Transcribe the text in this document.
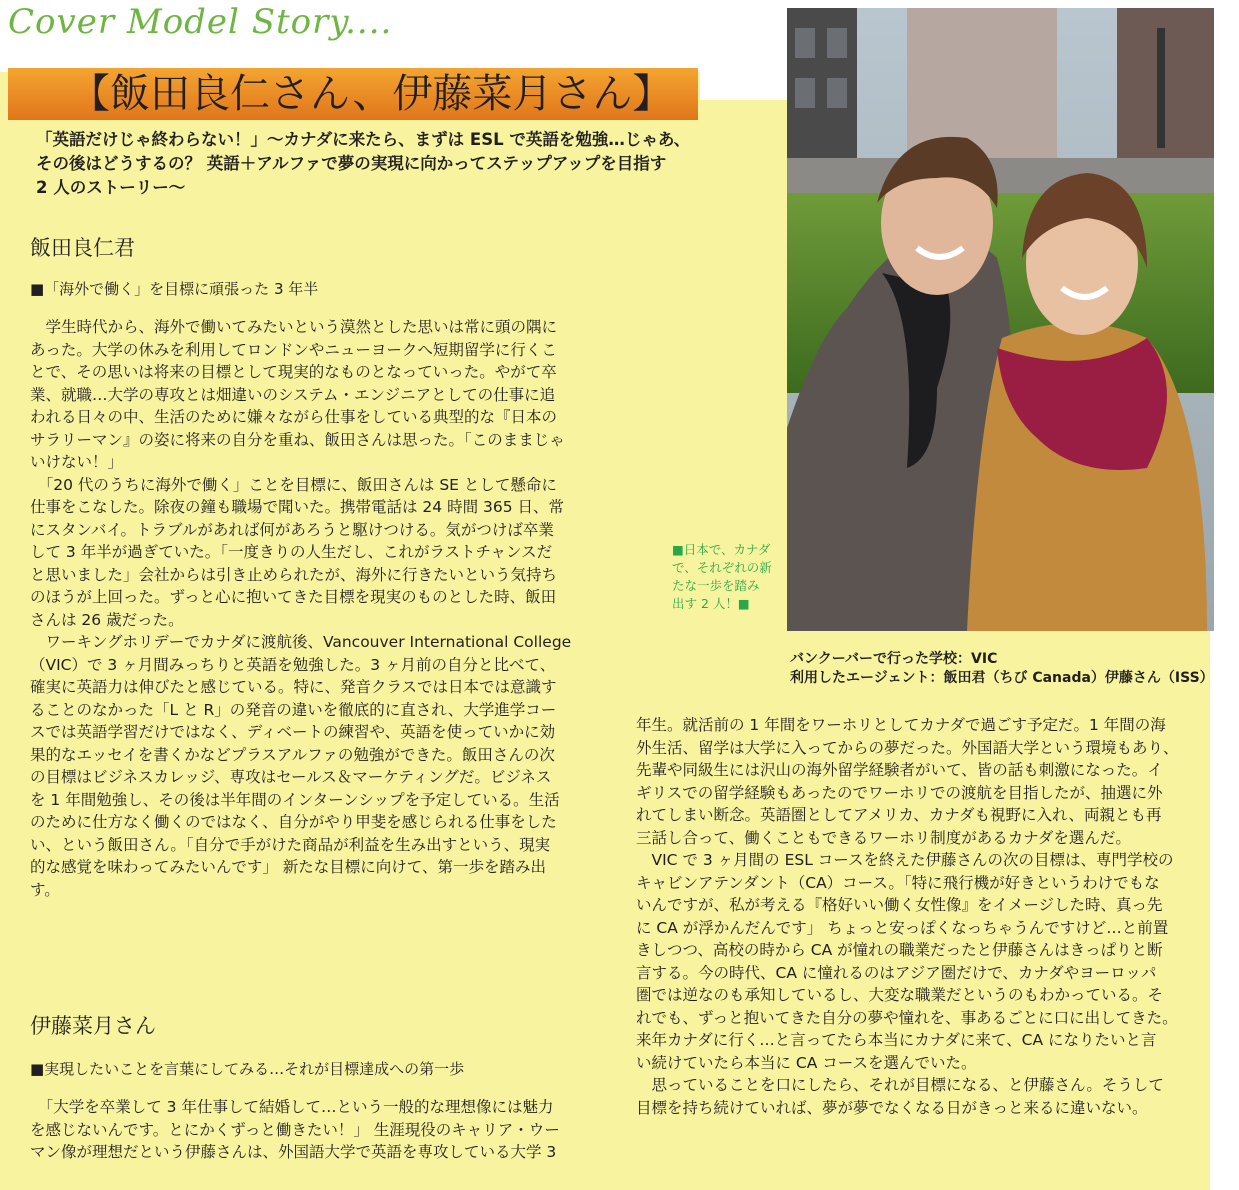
Cover Model Story....
【飯田良仁さん、伊藤菜月さん】
「英語だけじゃ終わらない！」〜カナダに来たら、まずは ESL で英語を勉強…じゃあ、
その後はどうするの？ 英語＋アルファで夢の実現に向かってステップアップを目指す
2 人のストーリー〜
飯田良仁君
■「海外で働く」を目標に頑張った 3 年半
　学生時代から、海外で働いてみたいという漠然とした思いは常に頭の隅に
あった。大学の休みを利用してロンドンやニューヨークへ短期留学に行くこ
とで、その思いは将来の目標として現実的なものとなっていった。やがて卒
業、就職…大学の専攻とは畑違いのシステム・エンジニアとしての仕事に追
われる日々の中、生活のために嫌々ながら仕事をしている典型的な『日本の
サラリーマン』の姿に将来の自分を重ね、飯田さんは思った。「このままじゃ
いけない！」
　「20 代のうちに海外で働く」ことを目標に、飯田さんは SE として懸命に
仕事をこなした。除夜の鐘も職場で聞いた。携帯電話は 24 時間 365 日、常
にスタンバイ。トラブルがあれば何があろうと駆けつける。気がつけば卒業
して 3 年半が過ぎていた。「一度きりの人生だし、これがラストチャンスだ
と思いました」会社からは引き止められたが、海外に行きたいという気持ち
のほうが上回った。ずっと心に抱いてきた目標を現実のものとした時、飯田
さんは 26 歳だった。
　ワーキングホリデーでカナダに渡航後、Vancouver International College
（VIC）で 3 ヶ月間みっちりと英語を勉強した。3 ヶ月前の自分と比べて、
確実に英語力は伸びたと感じている。特に、発音クラスでは日本では意識す
ることのなかった「L と R」の発音の違いを徹底的に直され、大学進学コー
スでは英語学習だけではなく、ディベートの練習や、英語を使っていかに効
果的なエッセイを書くかなどプラスアルファの勉強ができた。飯田さんの次
の目標はビジネスカレッジ、専攻はセールス＆マーケティングだ。ビジネス
を 1 年間勉強し、その後は半年間のインターンシップを予定している。生活
のために仕方なく働くのではなく、自分がやり甲斐を感じられる仕事をした
い、という飯田さん。「自分で手がけた商品が利益を生み出すという、現実
的な感覚を味わってみたいんです」 新たな目標に向けて、第一歩を踏み出
す。
伊藤菜月さん
■実現したいことを言葉にしてみる…それが目標達成への第一歩
　「大学を卒業して 3 年仕事して結婚して…という一般的な理想像には魅力
を感じないんです。とにかくずっと働きたい！」 生涯現役のキャリア・ウー
マン像が理想だという伊藤さんは、外国語大学で英語を専攻している大学 3
年生。就活前の 1 年間をワーホリとしてカナダで過ごす予定だ。1 年間の海
外生活、留学は大学に入ってからの夢だった。外国語大学という環境もあり、
先輩や同級生には沢山の海外留学経験者がいて、皆の話も刺激になった。イ
ギリスでの留学経験もあったのでワーホリでの渡航を目指したが、抽選に外
れてしまい断念。英語圏としてアメリカ、カナダも視野に入れ、両親とも再
三話し合って、働くこともできるワーホリ制度があるカナダを選んだ。
　VIC で 3 ヶ月間の ESL コースを終えた伊藤さんの次の目標は、専門学校の
キャビンアテンダント（CA）コース。「特に飛行機が好きというわけでもな
いんですが、私が考える『格好いい働く女性像』をイメージした時、真っ先
に CA が浮かんだんです」 ちょっと安っぽくなっちゃうんですけど…と前置
きしつつ、高校の時から CA が憧れの職業だったと伊藤さんはきっぱりと断
言する。今の時代、CA に憧れるのはアジア圏だけで、カナダやヨーロッパ
圏では逆なのも承知しているし、大変な職業だというのもわかっている。そ
れでも、ずっと抱いてきた自分の夢や憧れを、事あるごとに口に出してきた。
来年カナダに行く…と言ってたら本当にカナダに来て、CA になりたいと言
い続けていたら本当に CA コースを選んでいた。
　思っていることを口にしたら、それが目標になる、と伊藤さん。そうして
目標を持ち続けていれば、夢が夢でなくなる日がきっと来るに違いない。
■日本で、カナダ
で、それぞれの新
たな一歩を踏み
出す 2 人！■
バンクーバーで行った学校：VIC
利用したエージェント：飯田君（ちび Canada）伊藤さん（ISS）
